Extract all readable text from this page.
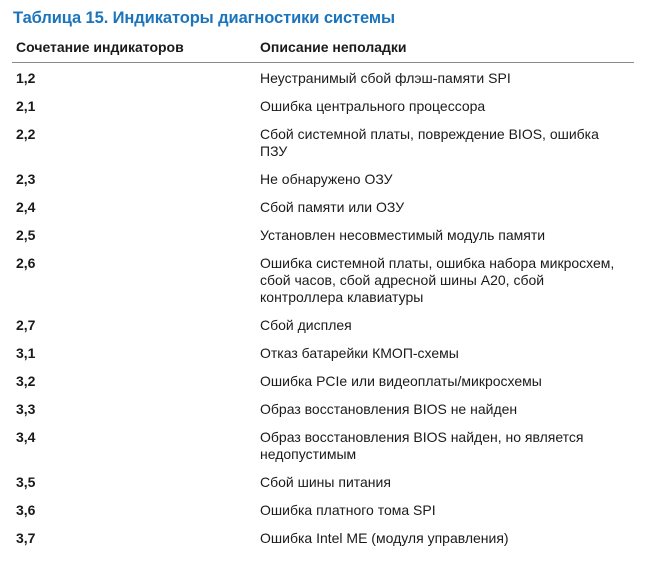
Таблица 15. Индикаторы диагностики системы
Сочетание индикаторов	Описание неполадки
1,2	Неустранимый сбой флэш-памяти SPI
2,1	Ошибка центрального процессора
2,2	Сбой системной платы, повреждение BIOS, ошибка ПЗУ
2,3	Не обнаружено ОЗУ
2,4	Сбой памяти или ОЗУ
2,5	Установлен несовместимый модуль памяти
2,6	Ошибка системной платы, ошибка набора микросхем, сбой часов, сбой адресной шины A20, сбой контроллера клавиатуры
2,7	Сбой дисплея
3,1	Отказ батарейки КМОП-схемы
3,2	Ошибка PCIe или видеоплаты/микросхемы
3,3	Образ восстановления BIOS не найден
3,4	Образ восстановления BIOS найден, но является недопустимым
3,5	Сбой шины питания
3,6	Ошибка платного тома SPI
3,7	Ошибка Intel ME (модуля управления)
